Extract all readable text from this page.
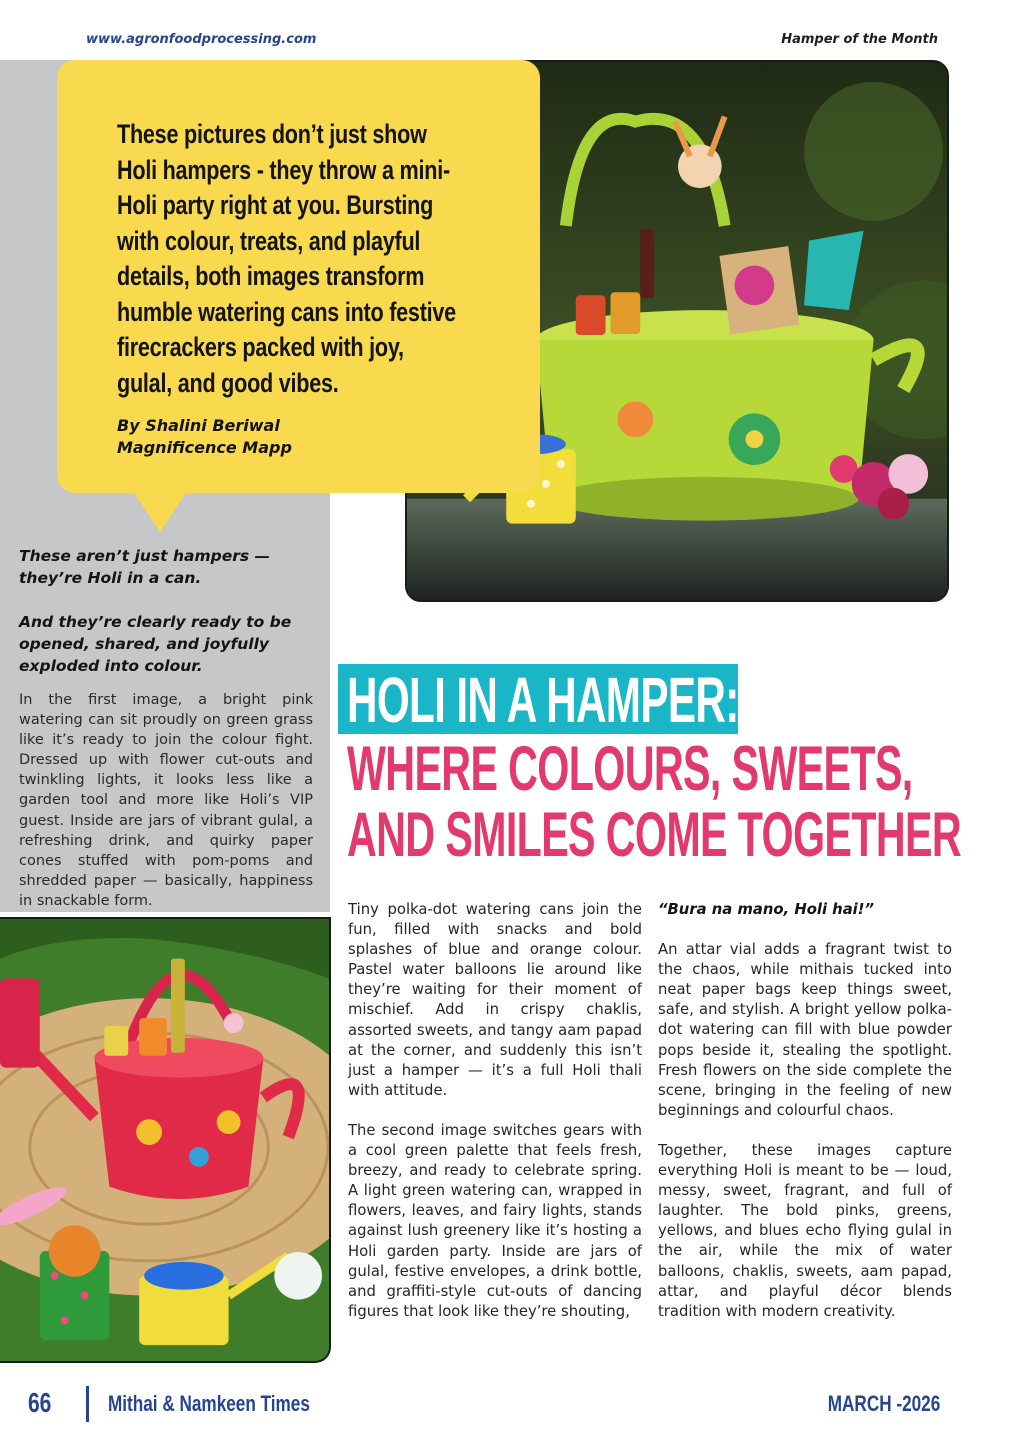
www.agronfoodprocessing.com	Hamper of the Month
These pictures don’t just show Holi hampers - they throw a mini-Holi party right at you. Bursting with colour, treats, and playful details, both images transform humble watering cans into festive firecrackers packed with joy, gulal, and good vibes.
By Shalini Beriwal
Magnificence Mapp

These aren’t just hampers — they’re Holi in a can.

And they’re clearly ready to be opened, shared, and joyfully exploded into colour.

In the first image, a bright pink watering can sit proudly on green grass like it’s ready to join the colour fight. Dressed up with flower cut-outs and twinkling lights, it looks less like a garden tool and more like Holi’s VIP guest. Inside are jars of vibrant gulal, a refreshing drink, and quirky paper cones stuffed with pom-poms and shredded paper — basically, happiness in snackable form.
HOLI IN A HAMPER:
WHERE COLOURS, SWEETS,
AND SMILES COME TOGETHER

Tiny polka-dot watering cans join the fun, filled with snacks and bold splashes of blue and orange colour. Pastel water balloons lie around like they’re waiting for their moment of mischief. Add in crispy chaklis, assorted sweets, and tangy aam papad at the corner, and suddenly this isn’t just a hamper — it’s a full Holi thali with attitude.

The second image switches gears with a cool green palette that feels fresh, breezy, and ready to celebrate spring. A light green watering can, wrapped in flowers, leaves, and fairy lights, stands against lush greenery like it’s hosting a Holi garden party. Inside are jars of gulal, festive envelopes, a drink bottle, and graffiti-style cut-outs of dancing figures that look like they’re shouting,

“Bura na mano, Holi hai!”

An attar vial adds a fragrant twist to the chaos, while mithais tucked into neat paper bags keep things sweet, safe, and stylish. A bright yellow polka-dot watering can fill with blue powder pops beside it, stealing the spotlight. Fresh flowers on the side complete the scene, bringing in the feeling of new beginnings and colourful chaos.

Together, these images capture everything Holi is meant to be — loud, messy, sweet, fragrant, and full of laughter. The bold pinks, greens, yellows, and blues echo flying gulal in the air, while the mix of water balloons, chaklis, sweets, aam papad, attar, and playful décor blends tradition with modern creativity.

66	Mithai & Namkeen Times	MARCH -2026
